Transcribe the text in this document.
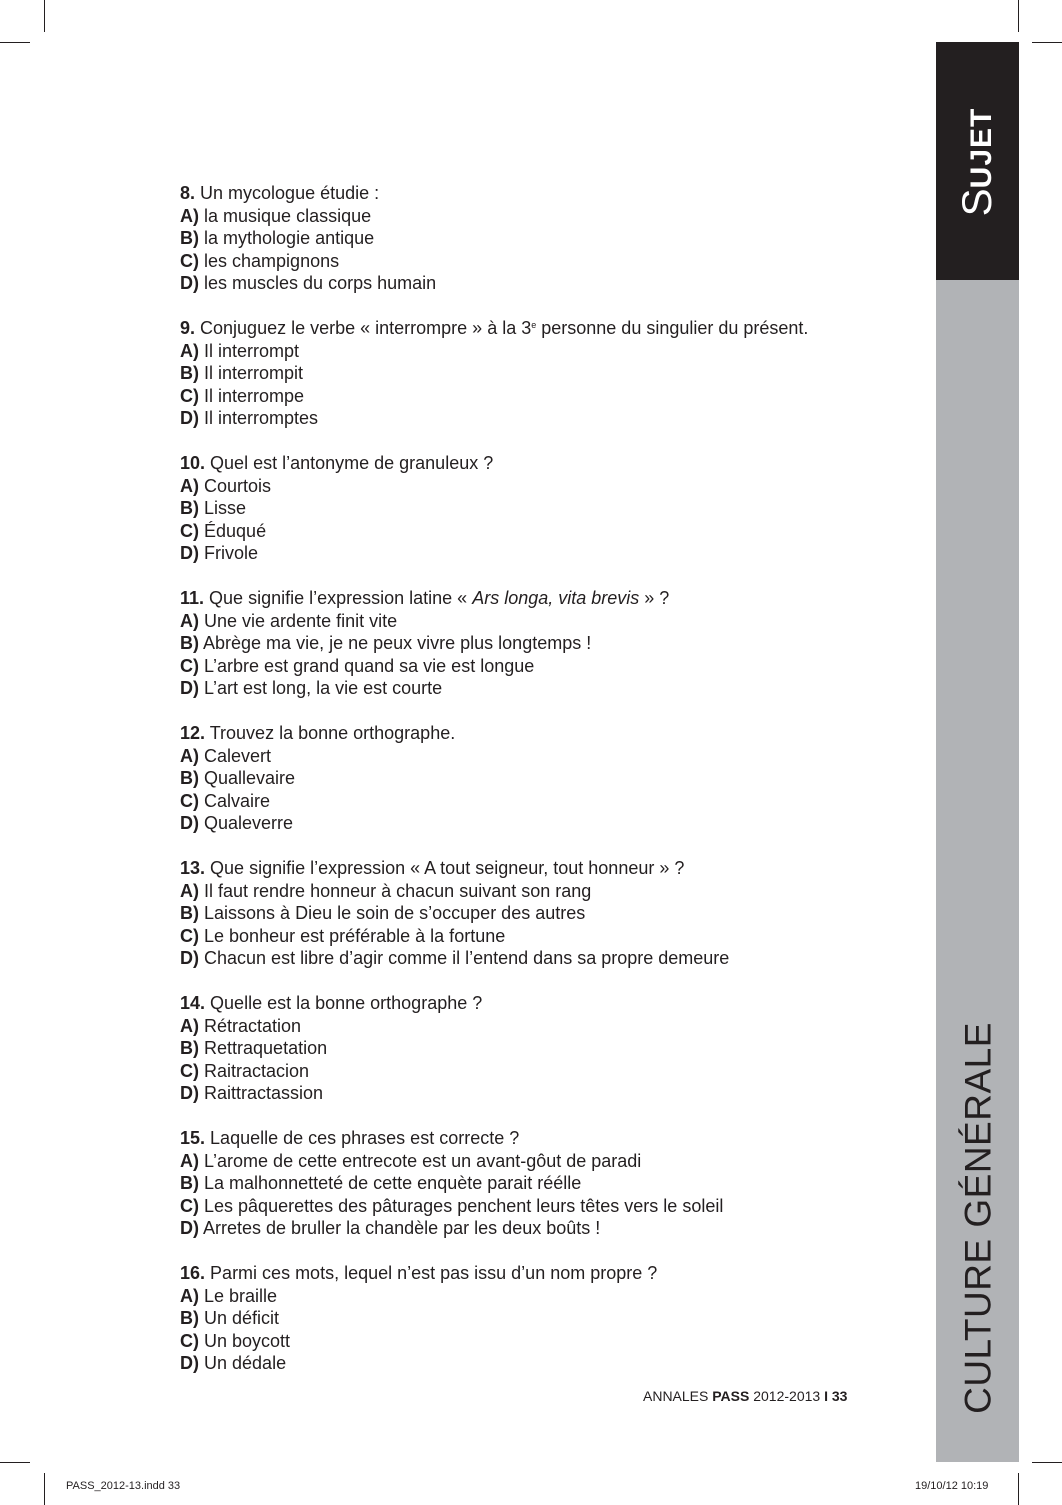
SUJET
CULTURE GÉNÉRALE
8. Un mycologue étudie :
A) la musique classique
B) la mythologie antique
C) les champignons
D) les muscles du corps humain
9. Conjuguez le verbe « interrompre » à la 3e personne du singulier du présent.
A) Il interrompt
B) Il interrompit
C) Il interrompe
D) Il interromptes
10. Quel est l’antonyme de granuleux ?
A) Courtois
B) Lisse
C) Éduqué
D) Frivole
11. Que signifie l’expression latine « Ars longa, vita brevis » ?
A) Une vie ardente finit vite
B) Abrège ma vie, je ne peux vivre plus longtemps !
C) L’arbre est grand quand sa vie est longue
D) L’art est long, la vie est courte
12. Trouvez la bonne orthographe.
A) Calevert
B) Quallevaire
C) Calvaire
D) Qualeverre
13. Que signifie l’expression « A tout seigneur, tout honneur » ?
A) Il faut rendre honneur à chacun suivant son rang
B) Laissons à Dieu le soin de s’occuper des autres
C) Le bonheur est préférable à la fortune
D) Chacun est libre d’agir comme il l’entend dans sa propre demeure
14. Quelle est la bonne orthographe ?
A) Rétractation
B) Rettraquetation
C) Raitractacion
D) Raittractassion
15. Laquelle de ces phrases est correcte ?
A) L’arome de cette entrecote est un avant-gôut de paradi
B) La malhonnetteté de cette enquète parait réélle
C) Les pâquerettes des pâturages penchent leurs têtes vers le soleil
D) Arretes de bruller la chandèle par les deux boûts !
16. Parmi ces mots, lequel n’est pas issu d’un nom propre ?
A) Le braille
B) Un déficit
C) Un boycott
D) Un dédale
ANNALES PASS 2012-2013 I 33
PASS_2012-13.indd 33	19/10/12 10:19
